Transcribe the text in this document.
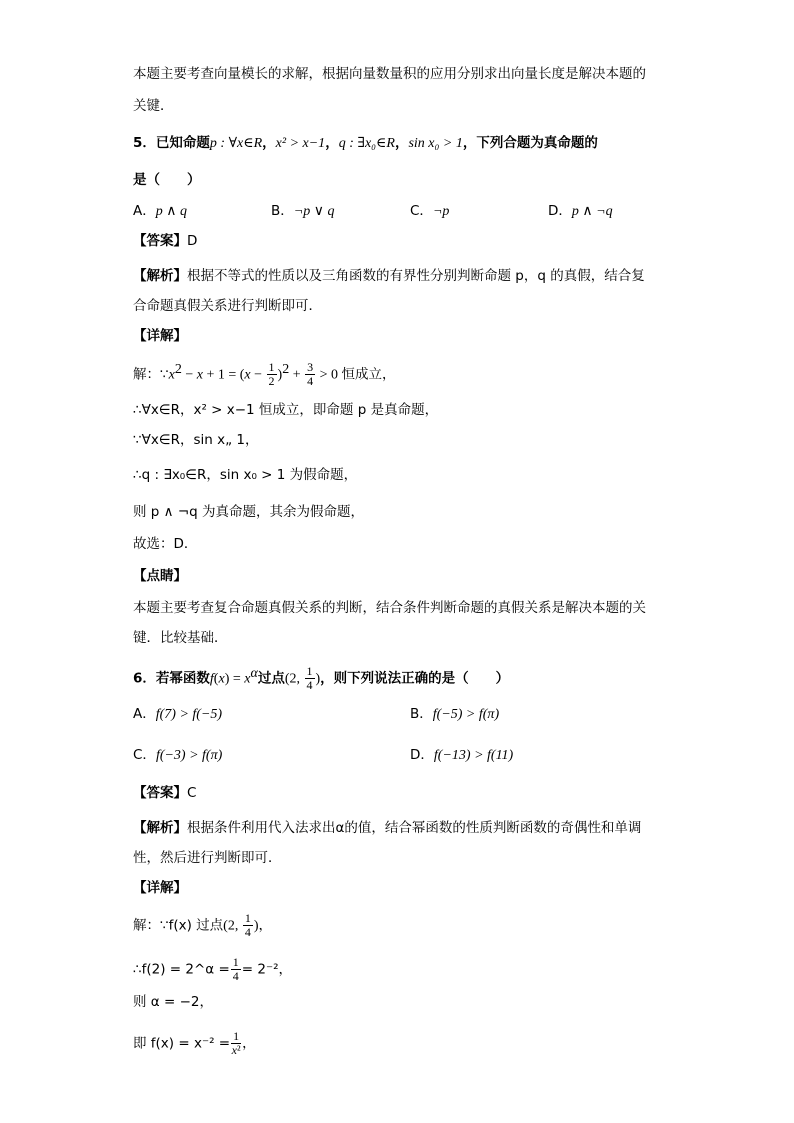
本题主要考查向量模长的求解，根据向量数量积的应用分别求出向量长度是解决本题的
关键．
5．已知命题p : ∀x∈R，x² > x−1，q : ∃x₀∈R，sin x₀ > 1，下列合题为真命题的
是（　　）
A．p ∧ q	B．¬p ∨ q	C．¬p	D．p ∧ ¬q
【答案】D
【解析】根据不等式的性质以及三角函数的有界性分别判断命题 p，q 的真假，结合复
合命题真假关系进行判断即可．
【详解】
解：$\because x^2 - x + 1 = (x - \frac{1}{2} )^2 + \frac{3}{4} > 0$ 恒成立，
∴∀x∈R，x² > x−1 恒成立，即命题 p 是真命题，
∵∀x∈R，sin x„ 1，
∴q : ∃x₀∈R，sin x₀ > 1 为假命题，
则 p ∧ ¬q 为真命题，其余为假命题，
故选：D．
【点睛】
本题主要考查复合命题真假关系的判断，结合条件判断命题的真假关系是解决本题的关
键．比较基础．
6．若幂函数$f(x) = x^\alpha$过点(2, $\frac{1}{4}$ )，则下列说法正确的是（　　）
A．f(7) > f(−5)	B．f(−5) > f(π)
C．f(−3) > f(π)	D．f(−13) > f(11)
【答案】C
【解析】根据条件利用代入法求出α的值，结合幂函数的性质判断函数的奇偶性和单调
性，然后进行判断即可．
【详解】
解：∵f(x) 过点(2, $\frac{1}{4}$ )，
∴f(2) = 2^α = $\frac{1}{4} = 2^{-2}$，
则 α = −2，
即 $f(x) = x^{-2} = \frac{1}{\text{x²}}$ ，
